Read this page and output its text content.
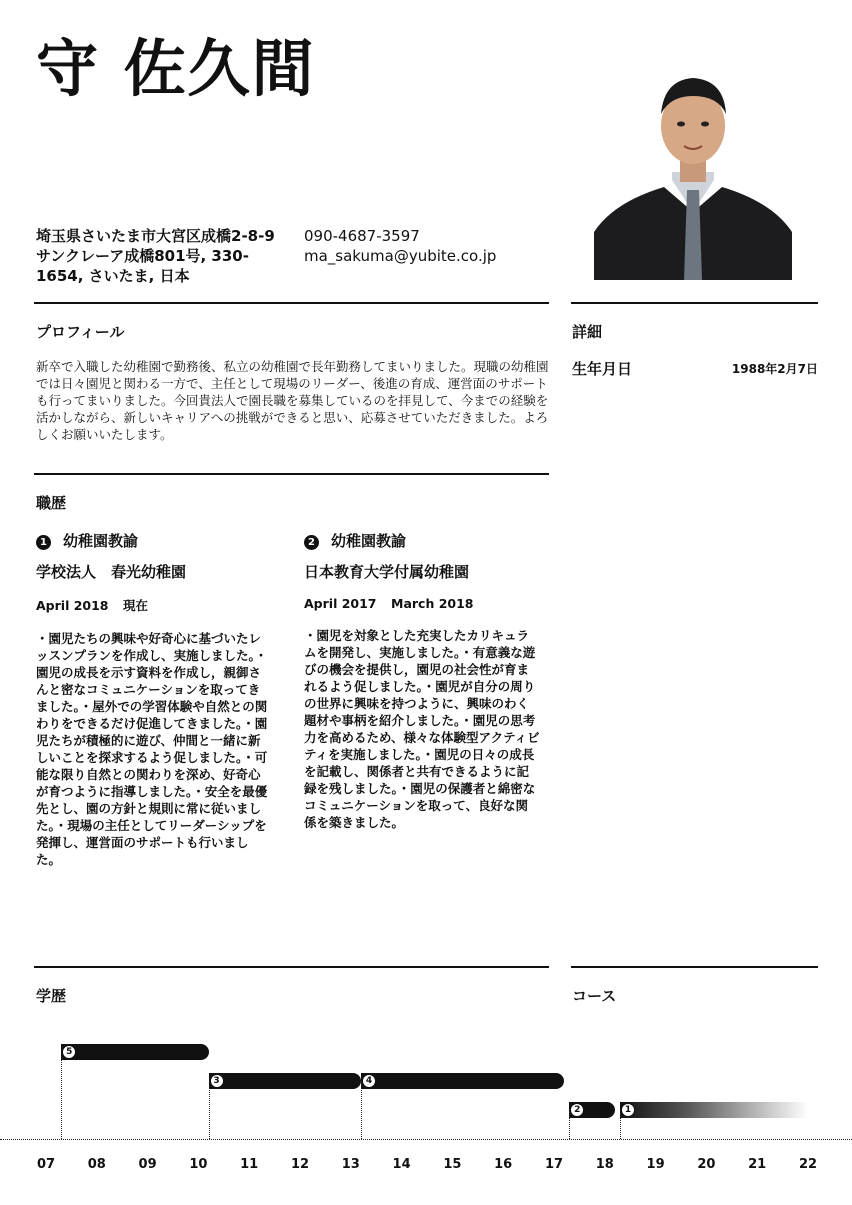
守 佐久間
埼玉県さいたま市大宮区成橋2-8-9　サンクレーア成橋801号, 330-1654, さいたま, 日本
090-4687-3597
ma_sakuma@yubite.co.jp
プロフィール
新卒で入職した幼稚園で勤務後、私立の幼稚園で長年勤務してまいりました。現職の幼稚園では日々園児と関わる一方で、主任として現場のリーダー、後進の育成、運営面のサポートも行ってまいりました。今回貴法人で園長職を募集しているのを拝見して、今までの経験を活かしながら、新しいキャリアへの挑戦ができると思い、応募させていただきました。よろしくお願いいたします。
詳細
生年月日	1988年2月7日
職歴
1 幼稚園教諭
学校法人　春光幼稚園
April 2018 現在
・園児たちの興味や好奇心に基づいたレッスンプランを作成し、実施しました。・園児の成長を示す資料を作成し，親御さんと密なコミュニケーションを取ってきました。・屋外での学習体験や自然との関わりをできるだけ促進してきました。・園児たちが積極的に遊び、仲間と一緒に新しいことを探求するよう促しました。・可能な限り自然との関わりを深め、好奇心が育つように指導しました。・安全を最優先とし、園の方針と規則に常に従いました。・現場の主任としてリーダーシップを発揮し、運営面のサポートも行いました。
2 幼稚園教諭
日本教育大学付属幼稚園
April 2017 March 2018
・園児を対象とした充実したカリキュラムを開発し、実施しました。・有意義な遊びの機会を提供し，園児の社会性が育まれるよう促しました。・園児が自分の周りの世界に興味を持つように、興味のわく題材や事柄を紹介しました。・園児の思考力を高めるため、様々な体験型アクティビティを実施しました。・園児の日々の成長を記載し、関係者と共有できるように記録を残しました。・園児の保護者と綿密なコミュニケーションを取って、良好な関係を築きました。
学歴	コース
07	08	09	10	11	12	13	14	15	16	17	18	19	20	21	22
5
3	4
2	1
